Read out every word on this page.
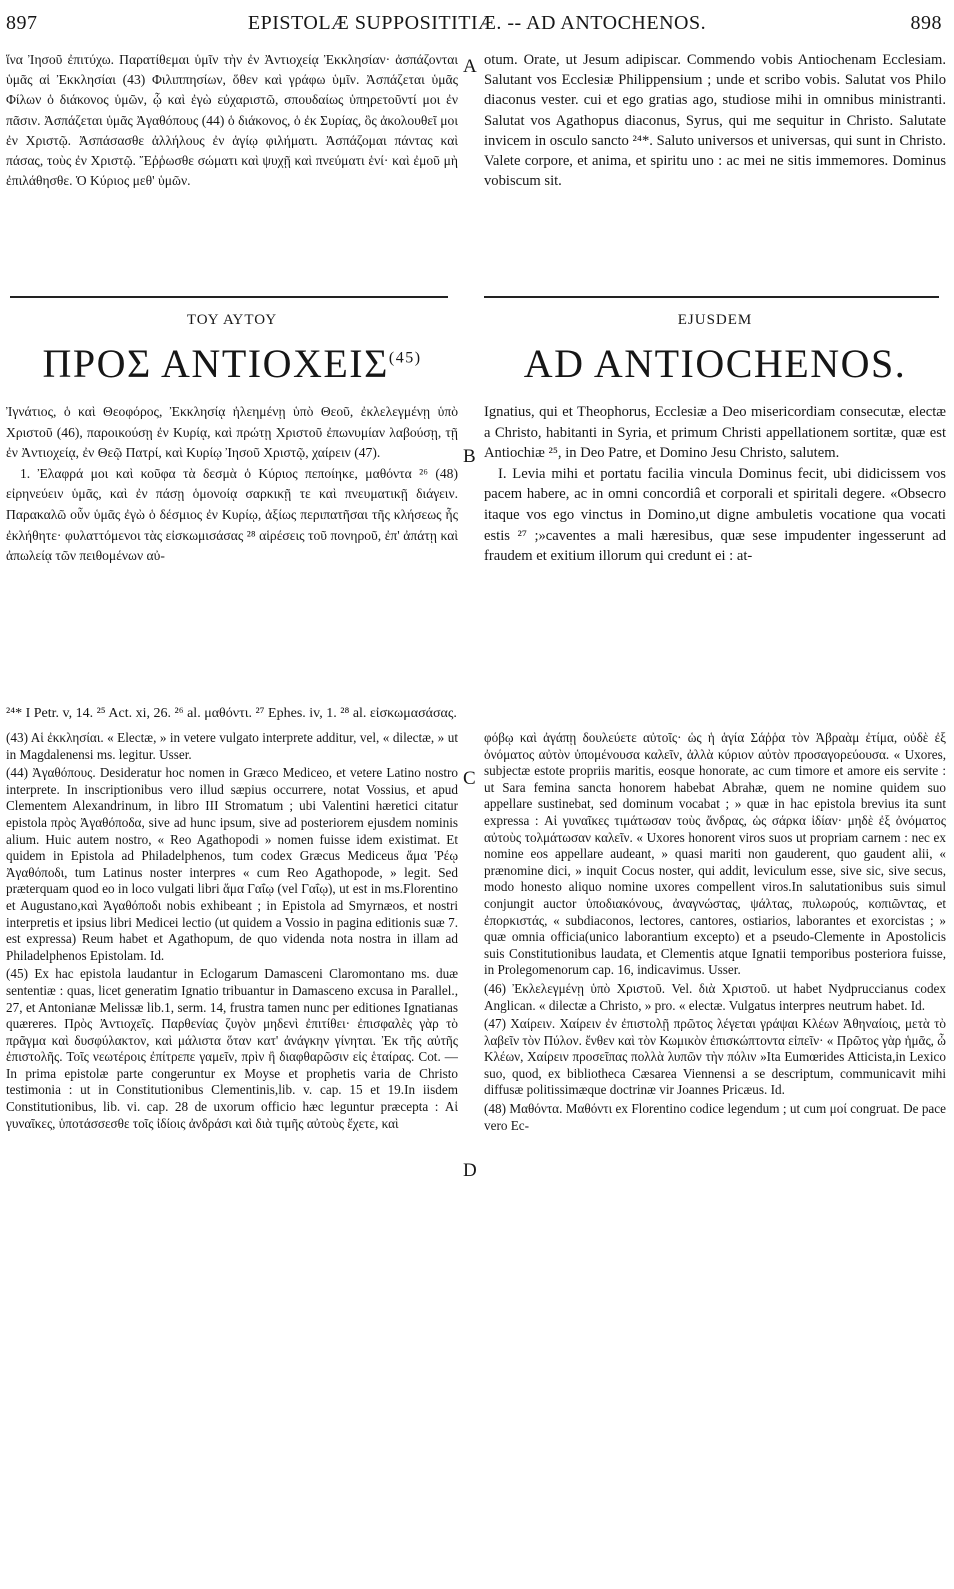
897	EPISTOLÆ SUPPOSITITIÆ. -- AD ANTOCHENOS.	898

ἵνα Ἰησοῦ ἐπιτύχω. Παρατίθεμαι ὑμῖν τὴν ἐν Ἀντιοχείᾳ Ἐκκλησίαν· ἀσπάζονται ὑμᾶς αἱ Ἐκκλησίαι (43) Φιλιππησίων, ὅθεν καὶ γράφω ὑμῖν. Ἀσπάζεται ὑμᾶς Φίλων ὁ διάκονος ὑμῶν, ᾧ καὶ ἐγὼ εὐχαριστῶ, σπουδαίως ὑπηρετοῦντί μοι ἐν πᾶσιν. Ἀσπάζεται ὑμᾶς Ἀγαθόπους (44) ὁ διάκονος, ὁ ἐκ Συρίας, ὃς ἀκολουθεῖ μοι ἐν Χριστῷ. Ἀσπάσασθε ἀλλήλους ἐν ἁγίῳ φιλήματι. Ἀσπάζομαι πάντας καὶ πάσας, τοὺς ἐν Χριστῷ. Ἔῤῥωσθε σώματι καὶ ψυχῇ καὶ πνεύματι ἑνί· καὶ ἐμοῦ μὴ ἐπιλάθησθε. Ὁ Κύριος μεθ' ὑμῶν.

A otum. Orate, ut Jesum adipiscar. Commendo vobis Antiochenam Ecclesiam. Salutant vos Ecclesiæ Philippensium ; unde et scribo vobis. Salutat vos Philo diaconus vester. cui et ego gratias ago, studiose mihi in omnibus ministranti. Salutat vos Agathopus diaconus, Syrus, qui me sequitur in Christo. Salutate invicem in osculo sancto ²⁴*. Saluto universos et universas, qui sunt in Christo. Valete corpore, et anima, et spiritu uno : ac mei ne sitis immemores. Dominus vobiscum sit.

ΤΟΥ ΑΥΤΟΥ
ΠΡΟΣ ΑΝΤΙΟΧΕΙΣ$^{(45)}$
EJUSDEM
AD ANTIOCHENOS.

Ἰγνάτιος, ὁ καὶ Θεοφόρος, Ἐκκλησίᾳ ἠλεημένῃ ὑπὸ Θεοῦ, ἐκλελεγμένῃ ὑπὸ Χριστοῦ (46), παροικούσῃ ἐν Κυρίᾳ, καὶ πρώτῃ Χριστοῦ ἐπωνυμίαν λαβούσῃ, τῇ ἐν Ἀντιοχείᾳ, ἐν Θεῷ Πατρί, καὶ Κυρίῳ Ἰησοῦ Χριστῷ, χαίρειν (47).

1. Ἐλαφρά μοι καὶ κοῦφα τὰ δεσμὰ ὁ Κύριος πεποίηκε, μαθόντα ²⁶ (48) εἰρηνεύειν ὑμᾶς, καὶ ἐν πάσῃ ὁμονοίᾳ σαρκικῇ τε καὶ πνευματικῇ διάγειν. Παρακαλῶ οὖν ὑμᾶς ἐγὼ ὁ δέσμιος ἐν Κυρίῳ, ἀξίως περιπατῆσαι τῆς κλήσεως ἧς ἐκλήθητε· φυλαττόμενοι τὰς εἰσκωμισάσας ²⁸ αἱρέσεις τοῦ πονηροῦ, ἐπ' ἀπάτῃ καὶ ἀπωλείᾳ τῶν πειθομένων αὐ-

B

Ignatius, qui et Theophorus, Ecclesiæ a Deo misericordiam consecutæ, electæ a Christo, habitanti in Syria, et primum Christi appellationem sortitæ, quæ est Antiochiæ ²⁵, in Deo Patre, et Domino Jesu Christo, salutem.

I. Levia mihi et portatu facilia vincula Dominus fecit, ubi didicissem vos pacem habere, ac in omni concordiâ et corporali et spiritali degere. «Obsecro itaque vos ego vinctus in Domino,ut digne ambuletis vocatione qua vocati estis ²⁷ ;»caventes a mali hæresibus, quæ sese impudenter ingesserunt ad fraudem et exitium illorum qui credunt ei : at-

²⁴* I Petr. v, 14. ²⁵ Act. xi, 26. ²⁶ al. μαθόντι. ²⁷ Ephes. iv, 1. ²⁸ al. εἰσκωμασάσας.

(43) Αἱ ἐκκλησίαι. « Electæ, » in vetere vulgato interprete additur, vel, « dilectæ, » ut in Magdalenensi ms. legitur. Usser.

(44) Ἀγαθόπους. Desideratur hoc nomen in Græco Mediceo, et vetere Latino nostro interprete. In inscriptionibus vero illud sæpius occurrere, notat Vossius, et apud Clementem Alexandrinum, in libro III Stromatum ; ubi Valentini hæretici citatur epistola πρὸς Ἀγαθόποδα, sive ad hunc ipsum, sive ad posteriorem ejusdem nominis alium. Huic autem nostro, « Reo Agathopodi » nomen fuisse idem existimat. Et quidem in Epistola ad Philadelphenos, tum codex Græcus Mediceus ἅμα Ῥέῳ Ἀγαθόποδι, tum Latinus noster interpres « cum Reo Agathopode, » legit. Sed præterquam quod eo in loco vulgati libri ἅμα Γαΐῳ (vel Γαΐῳ), ut est in ms.Florentino et Augustano,καὶ Ἀγαθόποδι nobis exhibeant ; in Epistola ad Smyrnæos, et nostri interpretis et ipsius libri Medicei lectio (ut quidem a Vossio in pagina editionis suæ 7. est expressa) Reum habet et Agathopum, de quo videnda nota nostra in illam ad Philadelphenos Epistolam. Id.

(45) Ex hac epistola laudantur in Eclogarum Damasceni Claromontano ms. duæ sententiæ : quas, licet generatim Ignatio tribuantur in Damasceno excusa in Parallel., 27, et Antonianæ Melissæ lib.1, serm. 14, frustra tamen nunc per editiones Ignatianas quæreres. Πρὸς Ἀντιοχεῖς. Παρθενίας ζυγὸν μηδενὶ ἐπιτίθει· ἐπισφαλὲς γὰρ τὸ πρᾶγμα καὶ δυσφύλακτον, καὶ μάλιστα ὅταν κατ' ἀνάγκην γίνηται. Ἐκ τῆς αὐτῆς ἐπιστολῆς. Τοῖς νεωτέροις ἐπίτρεπε γαμεῖν, πρὶν ἢ διαφθαρῶσιν εἰς ἑταίρας. Cot. — In prima epistolæ parte congeruntur ex Moyse et prophetis varia de Christo testimonia : ut in Constitutionibus Clementinis,lib. v. cap. 15 et 19.In iisdem Constitutionibus, lib. vi. cap. 28 de uxorum officio hæc leguntur præcepta : Αἱ γυναῖκες, ὑποτάσσεσθε τοῖς ἰδίοις ἀνδράσι καὶ διὰ τιμῆς αὐτοὺς ἔχετε, καὶ

C
D

φόβῳ καὶ ἀγάπῃ δουλεύετε αὐτοῖς· ὡς ἡ ἁγία Σάῤῥα τὸν Ἀβραὰμ ἐτίμα, οὐδὲ ἐξ ὀνόματος αὐτὸν ὑπομένουσα καλεῖν, ἀλλὰ κύριον αὐτὸν προσαγορεύουσα. « Uxores, subjectæ estote propriis maritis, eosque honorate, ac cum timore et amore eis servite : ut Sara femina sancta honorem habebat Abrahæ, quem ne nomine quidem suo appellare sustinebat, sed dominum vocabat ; » quæ in hac epistola brevius ita sunt expressa : Αἱ γυναῖκες τιμάτωσαν τοὺς ἄνδρας, ὡς σάρκα ἰδίαν· μηδὲ ἐξ ὀνόματος αὐτοὺς τολμάτωσαν καλεῖν. « Uxores honorent viros suos ut propriam carnem : nec ex nomine eos appellare audeant, » quasi mariti non gauderent, quo gaudent alii, « prænomine dici, » inquit Cocus noster, qui addit, leviculum esse, sive sic, sive secus, modo honesto aliquo nomine uxores compellent viros.In salutationibus suis simul conjungit auctor ὑποδιακόνους, ἀναγνώστας, ψάλτας, πυλωρούς, κοπιῶντας, et ἐπορκιστάς, « subdiaconos, lectores, cantores, ostiarios, laborantes et exorcistas ; » quæ omnia officia(unico laborantium excepto) et a pseudo-Clemente in Apostolicis suis Constitutionibus laudata, et Clementis atque Ignatii temporibus posteriora fuisse, in Prolegomenorum cap. 16, indicavimus. Usser.

(46) Ἐκλελεγμένῃ ὑπὸ Χριστοῦ. Vel. διὰ Χριστοῦ. ut habet Nydpruccianus codex Anglican. « dilectæ a Christo, » pro. « electæ. Vulgatus interpres neutrum habet. Id.

(47) Χαίρειν. Χαίρειν ἐν ἐπιστολῇ πρῶτος λέγεται γράψαι Κλέων Ἀθηναίοις, μετὰ τὸ λαβεῖν τὸν Πύλον. ἔνθεν καὶ τὸν Κωμικὸν ἐπισκώπτοντα εἰπεῖν· « Πρῶτος γὰρ ἡμᾶς, ὦ Κλέων, Χαίρειν προσεῖπας πολλὰ λυπῶν τὴν πόλιν »Ita Eumœrides Atticista,in Lexico suo, quod, ex bibliotheca Cæsarea Viennensi a se descriptum, communicavit mihi diffusæ politissimæque doctrinæ vir Joannes Pricæus. Id.

(48) Μαθόντα. Μαθόντι ex Florentino codice legendum ; ut cum μοί congruat. De pace vero Ec-
